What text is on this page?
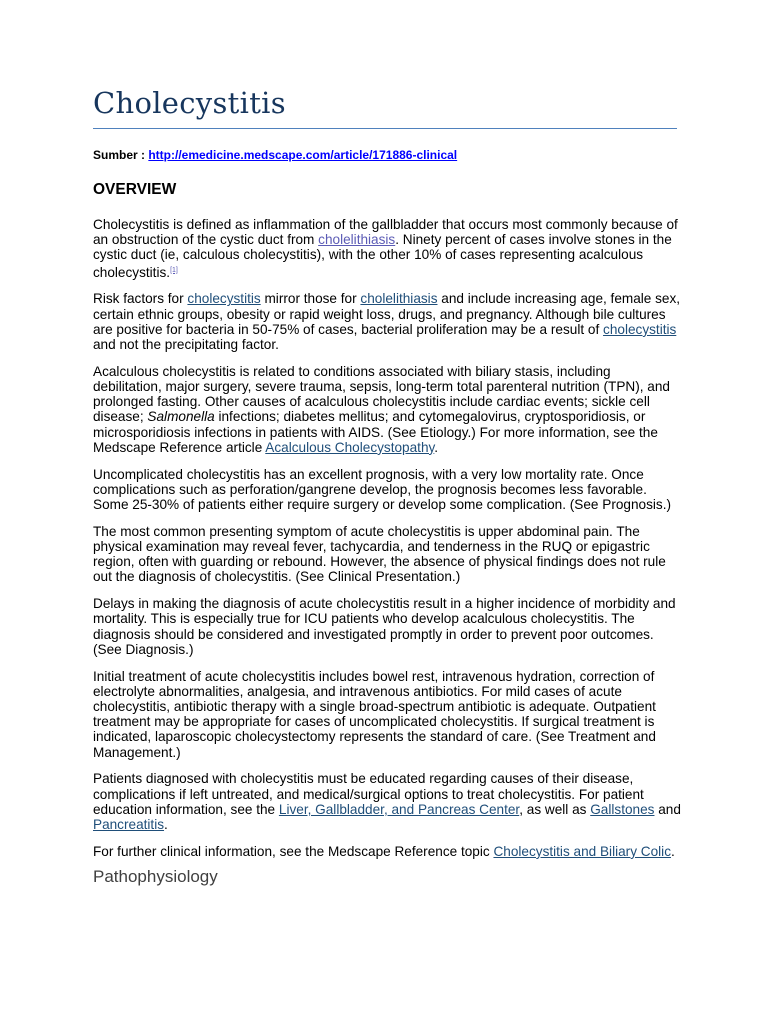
Cholecystitis
Sumber : http://emedicine.medscape.com/article/171886-clinical
OVERVIEW

Cholecystitis is defined as inflammation of the gallbladder that occurs most commonly because of an obstruction of the cystic duct from cholelithiasis. Ninety percent of cases involve stones in the cystic duct (ie, calculous cholecystitis), with the other 10% of cases representing acalculous cholecystitis.[1]

Risk factors for cholecystitis mirror those for cholelithiasis and include increasing age, female sex, certain ethnic groups, obesity or rapid weight loss, drugs, and pregnancy. Although bile cultures are positive for bacteria in 50-75% of cases, bacterial proliferation may be a result of cholecystitis and not the precipitating factor.

Acalculous cholecystitis is related to conditions associated with biliary stasis, including debilitation, major surgery, severe trauma, sepsis, long-term total parenteral nutrition (TPN), and prolonged fasting. Other causes of acalculous cholecystitis include cardiac events; sickle cell disease; Salmonella infections; diabetes mellitus; and cytomegalovirus, cryptosporidiosis, or microsporidiosis infections in patients with AIDS. (See Etiology.) For more information, see the Medscape Reference article Acalculous Cholecystopathy.

Uncomplicated cholecystitis has an excellent prognosis, with a very low mortality rate. Once complications such as perforation/gangrene develop, the prognosis becomes less favorable. Some 25-30% of patients either require surgery or develop some complication. (See Prognosis.)

The most common presenting symptom of acute cholecystitis is upper abdominal pain. The physical examination may reveal fever, tachycardia, and tenderness in the RUQ or epigastric region, often with guarding or rebound. However, the absence of physical findings does not rule out the diagnosis of cholecystitis. (See Clinical Presentation.)

Delays in making the diagnosis of acute cholecystitis result in a higher incidence of morbidity and mortality. This is especially true for ICU patients who develop acalculous cholecystitis. The diagnosis should be considered and investigated promptly in order to prevent poor outcomes. (See Diagnosis.)

Initial treatment of acute cholecystitis includes bowel rest, intravenous hydration, correction of electrolyte abnormalities, analgesia, and intravenous antibiotics. For mild cases of acute cholecystitis, antibiotic therapy with a single broad-spectrum antibiotic is adequate. Outpatient treatment may be appropriate for cases of uncomplicated cholecystitis. If surgical treatment is indicated, laparoscopic cholecystectomy represents the standard of care. (See Treatment and Management.)

Patients diagnosed with cholecystitis must be educated regarding causes of their disease, complications if left untreated, and medical/surgical options to treat cholecystitis. For patient education information, see the Liver, Gallbladder, and Pancreas Center, as well as Gallstones and Pancreatitis.

For further clinical information, see the Medscape Reference topic Cholecystitis and Biliary Colic.

Pathophysiology
